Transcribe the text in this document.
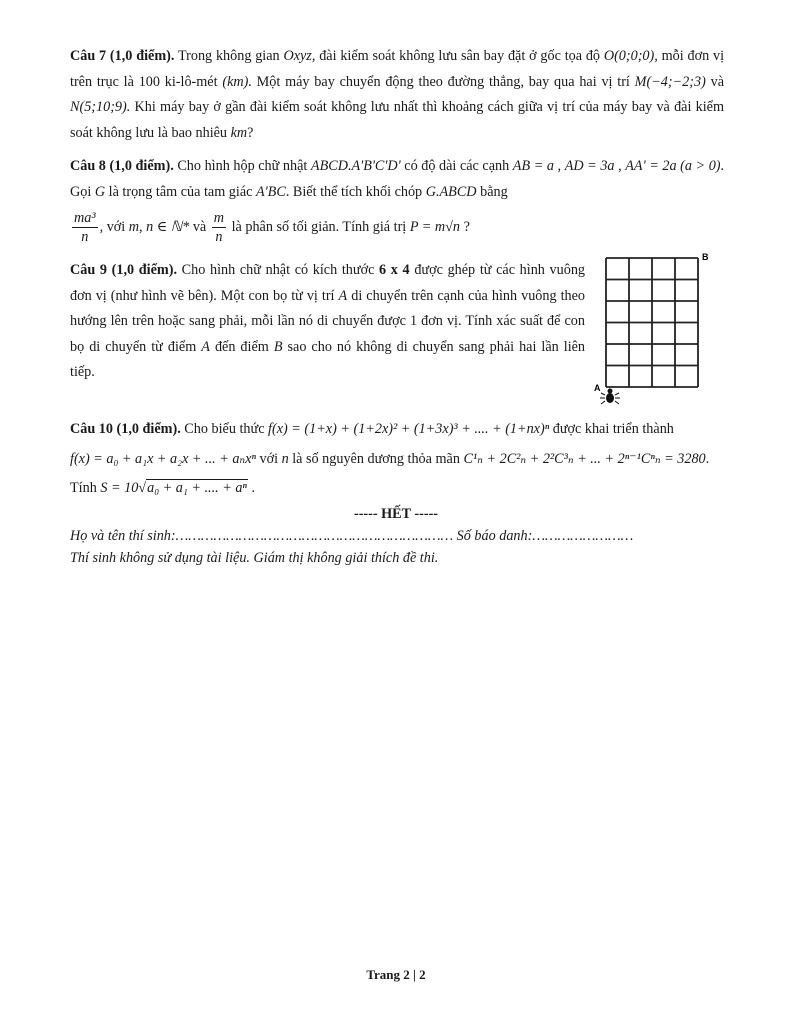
Câu 7 (1,0 điểm). Trong không gian Oxyz, đài kiểm soát không lưu sân bay đặt ở gốc tọa độ O(0;0;0), mỗi đơn vị trên trục là 100 ki-lô-mét (km). Một máy bay chuyển động theo đường thẳng, bay qua hai vị trí M(−4;−2;3) và N(5;10;9). Khi máy bay ở gần đài kiểm soát không lưu nhất thì khoảng cách giữa vị trí của máy bay và đài kiểm soát không lưu là bao nhiêu km?

Câu 8 (1,0 điểm). Cho hình hộp chữ nhật ABCD.A'B'C'D' có độ dài các cạnh AB = a , AD = 3a , AA' = 2a (a > 0). Gọi G là trọng tâm của tam giác A'BC. Biết thể tích khối chóp G.ABCD bằng

$\frac{\text{ma³}}{n}$ , với m, n ∈ ℕ* và $\frac{m}{n}$ là phân số tối giản. Tính giá trị P = m√n ?

Câu 9 (1,0 điểm). Cho hình chữ nhật có kích thước 6 x 4 được ghép từ các hình vuông đơn vị (như hình vẽ bên). Một con bọ từ vị trí A di chuyển trên cạnh của hình vuông theo hướng lên trên hoặc sang phải, mỗi lần nó di chuyển được 1 đơn vị. Tính xác suất để con bọ di chuyển từ điểm A đến điểm B sao cho nó không di chuyển sang phải hai lần liên tiếp.
B
A

Câu 10 (1,0 điểm). Cho biểu thức f(x) = (1+x) + (1+2x)² + (1+3x)³ + .... + (1+nx)ⁿ được khai triển thành

f(x) = a₀ + a₁x + a₂x + ... + aₙxⁿ với n là số nguyên dương thỏa mãn C¹ₙ + 2C²ₙ + 2²C³ₙ + ... + 2ⁿ⁻¹Cⁿₙ = 3280.

Tính S = 10√a₀ + a₁ + .... + aⁿ .

----- HẾT -----
Họ và tên thí sinh:………………………………………………………… Số báo danh:……………………
Thí sinh không sử dụng tài liệu. Giám thị không giải thích đề thi.
Trang 2 | 2
